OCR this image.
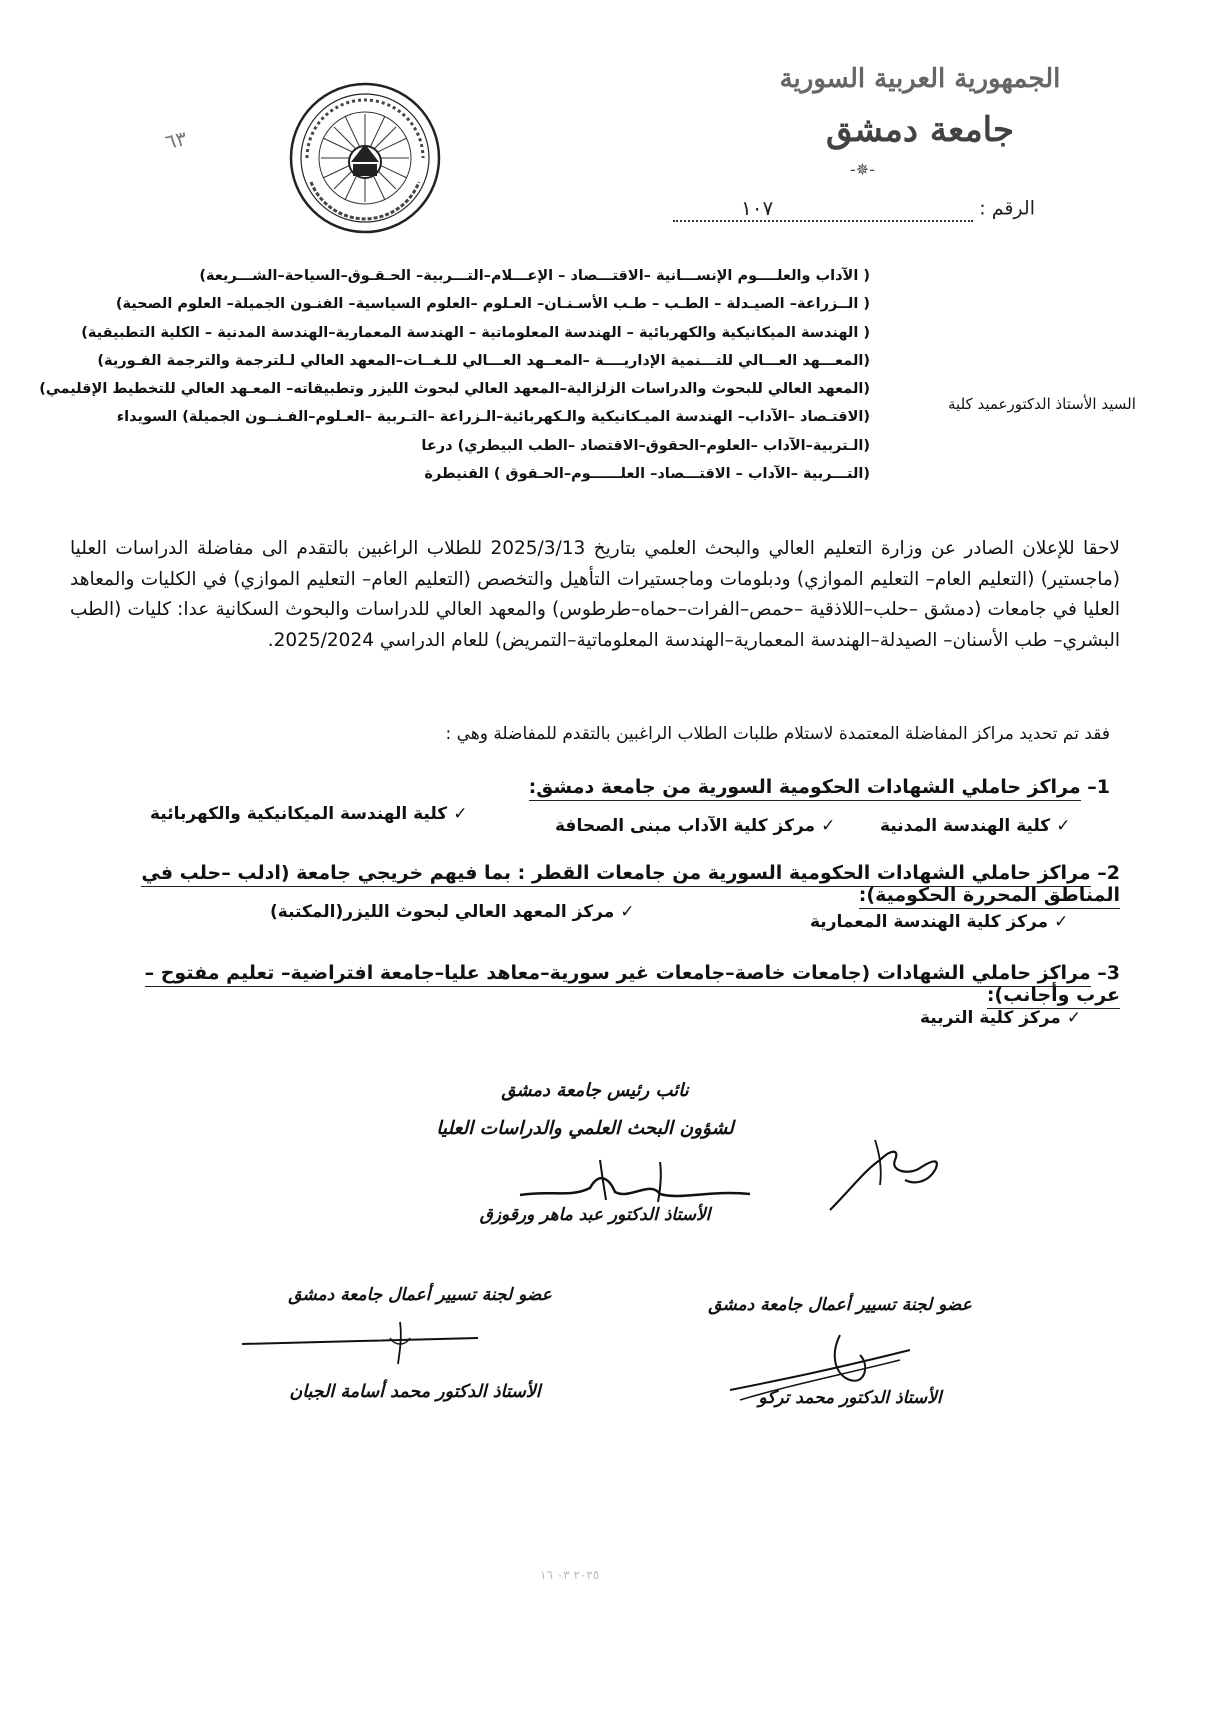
٦٣
الجمهورية العربية السورية
جامعة دمشق
-✵-
الرقم :١٠٧
السيد الأستاذ الدكتورعميد كلية
( الآداب والعلــــوم الإنســـانية –الاقتـــصاد – الإعـــلام–التـــربية– الحـقـوق–السياحة–الشـــريعة)
( الــزراعة– الصيـدلة – الطـب – طـب الأسـنـان– العـلوم –العلوم السياسية– الفنـون الجميلة– العلوم الصحية)
( الهندسة الميكانيكية والكهربائية – الهندسة المعلوماتية – الهندسة المعمارية–الهندسة المدنية – الكلية التطبيقية)
(المعـــهد العـــالي للتـــنمية الإداريــــة –المعــهد العـــالي للـغــات–المعهد العالي لـلترجمة والترجمة الفـورية)
(المعهد العالي للبحوث والدراسات الزلزالية–المعهد العالي لبحوث الليزر وتطبيقاته– المعـهد العالي للتخطيط الإقليمي)
(الاقتـصاد –الآداب– الهندسة الميـكانيكية والـكهربائية–الـزراعة –التـربية –العـلوم–الفـنــون الجميلة) السويداء
(الـتربية–الآداب –العلوم–الحقوق–الاقتصاد –الطب البيطري) درعا
(التـــربية –الآداب – الاقتـــصاد– العلــــــوم–الحـقوق ) القنيطرة
لاحقا للإعلان الصادر عن وزارة التعليم العالي والبحث العلمي بتاريخ 2025/3/13 للطلاب الراغبين بالتقدم الى مفاضلة الدراسات العليا (ماجستير) (التعليم العام– التعليم الموازي) ودبلومات وماجستيرات التأهيل والتخصص (التعليم العام– التعليم الموازي) في الكليات والمعاهد العليا في جامعات (دمشق –حلب–اللاذقية –حمص–الفرات–حماه–طرطوس) والمعهد العالي للدراسات والبحوث السكانية عدا: كليات (الطب البشري– طب الأسنان– الصيدلة–الهندسة المعمارية–الهندسة المعلوماتية–التمريض) للعام الدراسي 2025/2024.
فقد تم تحديد مراكز المفاضلة المعتمدة لاستلام طلبات الطلاب الراغبين بالتقدم للمفاضلة وهي :
1– مراكز حاملي الشهادات الحكومية السورية من جامعة دمشق:
✓كلية الهندسة المدنية
✓مركز كلية الآداب مبنى الصحافة
✓كلية الهندسة الميكانيكية والكهربائية
2– مراكز حاملي الشهادات الحكومية السورية من جامعات القطر : بما فيهم خريجي جامعة (ادلب –حلب في المناطق المحررة الحكومية):
✓مركز كلية الهندسة المعمارية
✓مركز المعهد العالي لبحوث الليزر(المكتبة)
3– مراكز حاملي الشهادات (جامعات خاصة–جامعات غير سورية–معاهد عليا–جامعة افتراضية– تعليم مفتوح – عرب وأجانب):
✓مركز كلية التربية
نائب رئيس جامعة دمشق
لشؤون البحث العلمي والدراسات العليا
الأستاذ الدكتور عبد ماهر ورقوزق
عضو لجنة تسيير أعمال جامعة دمشق
الأستاذ الدكتور محمد تركو
عضو لجنة تسيير أعمال جامعة دمشق
الأستاذ الدكتور محمد أسامة الجبان
٢٠٢٥ ٠٣ ١٦
